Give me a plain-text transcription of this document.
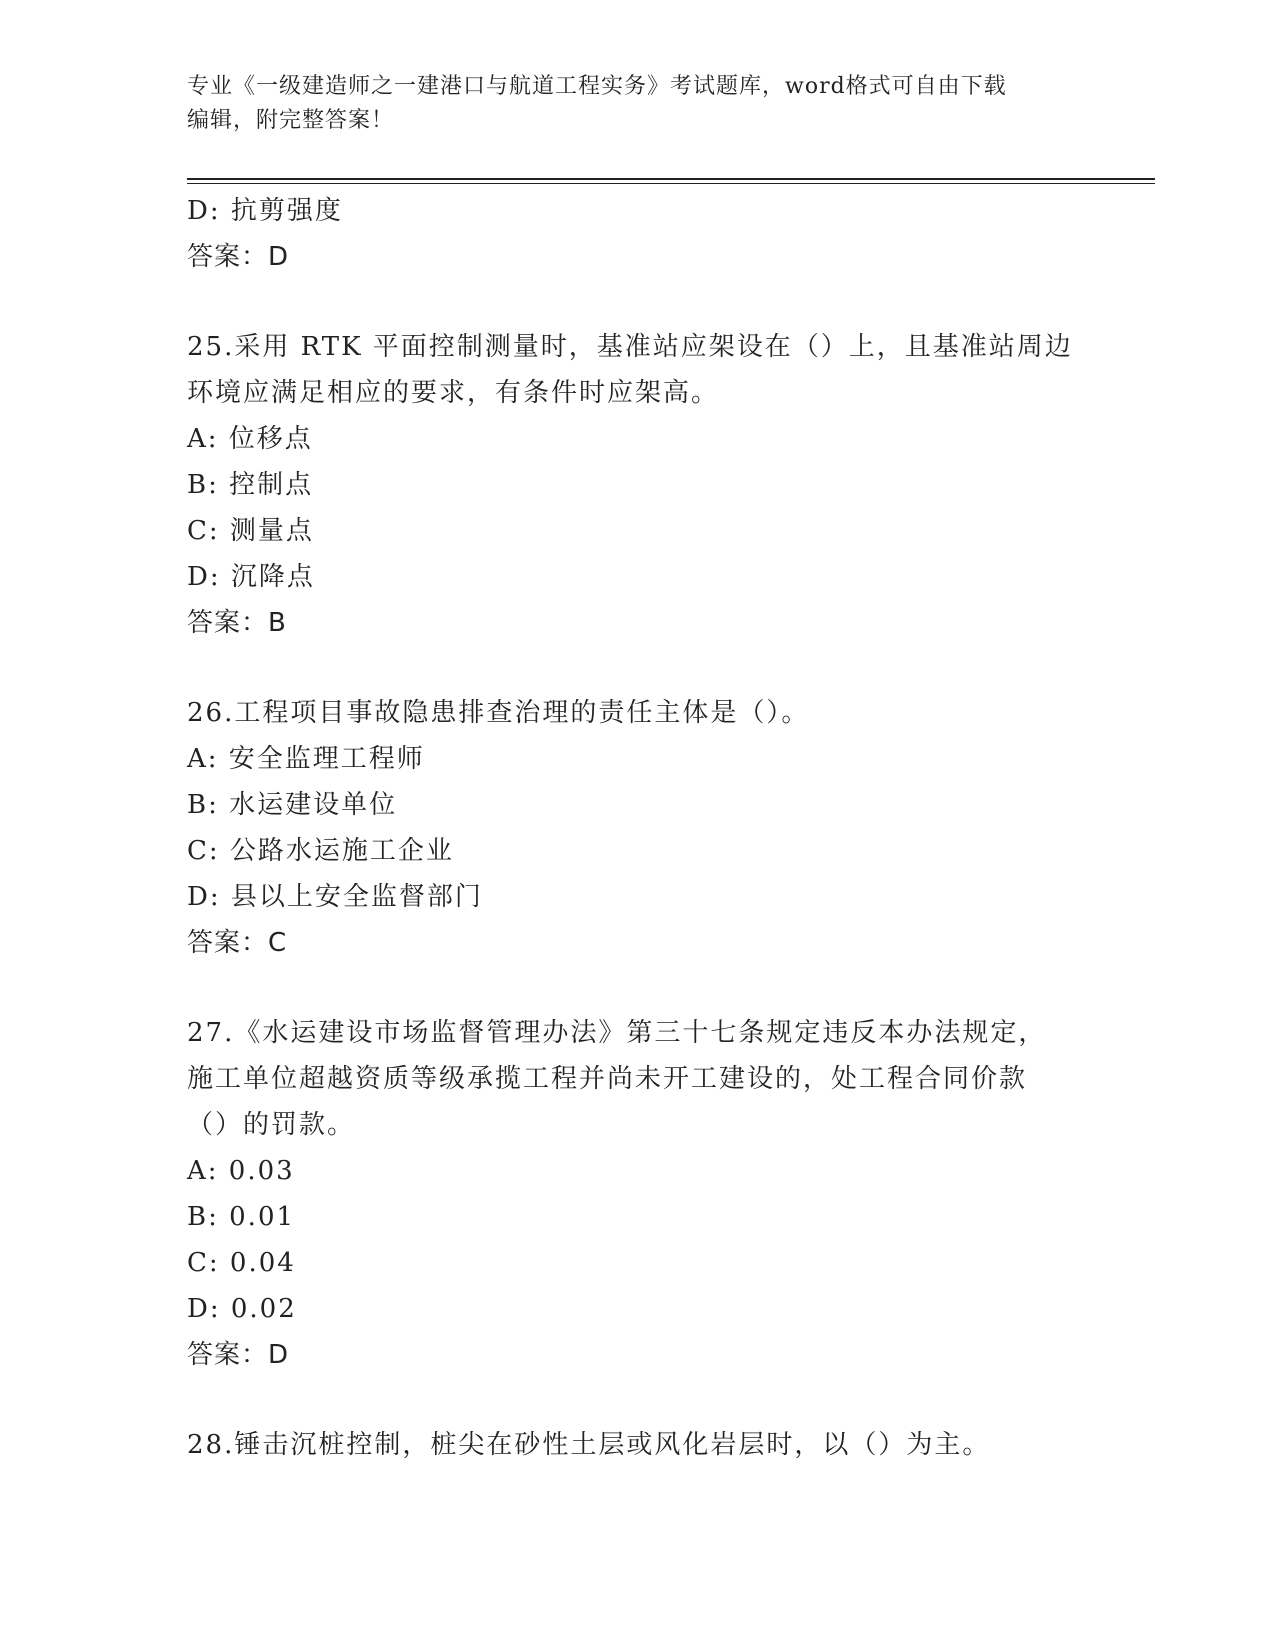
专业《一级建造师之一建港口与航道工程实务》考试题库，word格式可自由下载
编辑，附完整答案！
D: 抗剪强度
答案：D
25.采用 RTK 平面控制测量时，基准站应架设在（）上，且基准站周边
环境应满足相应的要求，有条件时应架高。
A: 位移点
B: 控制点
C: 测量点
D: 沉降点
答案：B
26.工程项目事故隐患排查治理的责任主体是（）。
A: 安全监理工程师
B: 水运建设单位
C: 公路水运施工企业
D: 县以上安全监督部门
答案：C
27.《水运建设市场监督管理办法》第三十七条规定违反本办法规定，
施工单位超越资质等级承揽工程并尚未开工建设的，处工程合同价款
（）的罚款。
A: 0.03
B: 0.01
C: 0.04
D: 0.02
答案：D
28.锤击沉桩控制，桩尖在砂性土层或风化岩层时，以（）为主。
